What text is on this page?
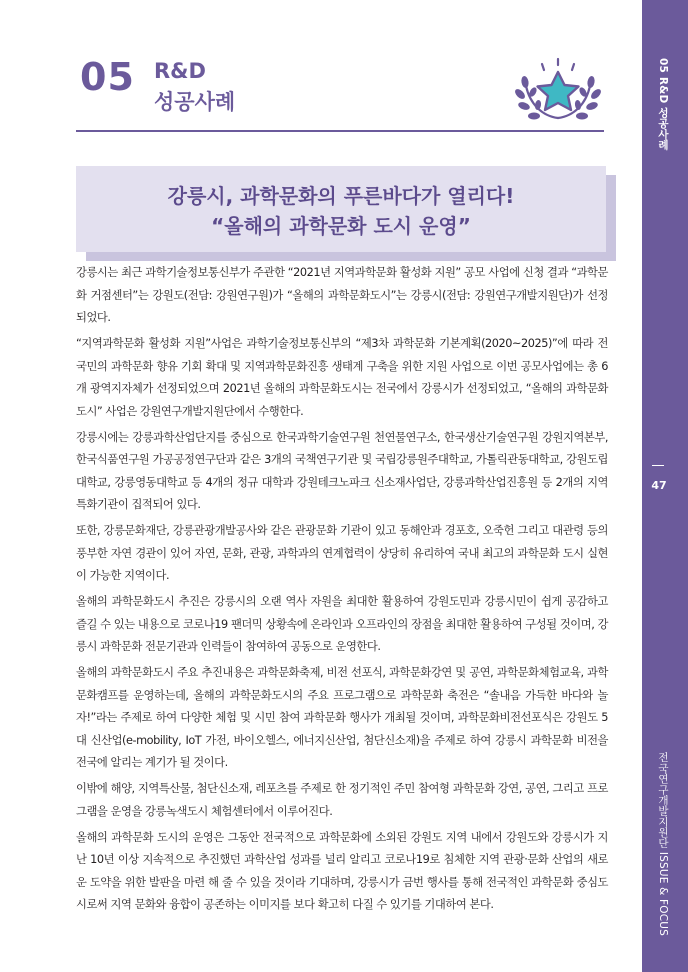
05 R&D 성공사례
47
전국연구개발지원단 ISSUE & FOCUS
05 R&D
성공사례
강릉시, 과학문화의 푸른바다가 열리다!
“올해의 과학문화 도시 운영”

강릉시는 최근 과학기술정보통신부가 주관한 “2021년 지역과학문화 활성화 지원” 공모 사업에 신청 결과 “과학문화 거점센터”는 강원도(전담: 강원연구원)가 “올해의 과학문화도시”는 강릉시(전담: 강원연구개발지원단)가 선정되었다.

“지역과학문화 활성화 지원”사업은 과학기술정보통신부의 “제3차 과학문화 기본계획(2020~2025)”에 따라 전국민의 과학문화 향유 기회 확대 및 지역과학문화진흥 생태계 구축을 위한 지원 사업으로 이번 공모사업에는 총 6개 광역지자체가 선정되었으며 2021년 올해의 과학문화도시는 전국에서 강릉시가 선정되었고, “올해의 과학문화도시” 사업은 강원연구개발지원단에서 수행한다.

강릉시에는 강릉과학산업단지를 중심으로 한국과학기술연구원 천연물연구소, 한국생산기술연구원 강원지역본부, 한국식품연구원 가공공정연구단과 같은 3개의 국책연구기관 및 국립강릉원주대학교, 가톨릭관동대학교, 강원도립대학교, 강릉영동대학교 등 4개의 정규 대학과 강원테크노파크 신소재사업단, 강릉과학산업진흥원 등 2개의 지역특화기관이 집적되어 있다.

또한, 강릉문화재단, 강릉관광개발공사와 같은 관광문화 기관이 있고 동해안과 경포호, 오죽헌 그리고 대관령 등의 풍부한 자연 경관이 있어 자연, 문화, 관광, 과학과의 연계협력이 상당히 유리하여 국내 최고의 과학문화 도시 실현이 가능한 지역이다.

올해의 과학문화도시 추진은 강릉시의 오랜 역사 자원을 최대한 활용하여 강원도민과 강릉시민이 쉽게 공감하고 즐길 수 있는 내용으로 코로나19 팬더믹 상황속에 온라인과 오프라인의 장점을 최대한 활용하여 구성될 것이며, 강릉시 과학문화 전문기관과 인력들이 참여하여 공동으로 운영한다.

올해의 과학문화도시 주요 추진내용은 과학문화축제, 비전 선포식, 과학문화강연 및 공연, 과학문화체험교육, 과학문화캠프를 운영하는데, 올해의 과학문화도시의 주요 프로그램으로 과학문화 축전은 “솔내음 가득한 바다와 놀자!”라는 주제로 하여 다양한 체험 및 시민 참여 과학문화 행사가 개최될 것이며, 과학문화비전선포식은 강원도 5대 신산업(e-mobility, IoT 가전, 바이오헬스, 에너지신산업, 첨단신소재)을 주제로 하여 강릉시 과학문화 비전을 전국에 알리는 계기가 될 것이다.

이밖에 해양, 지역특산물, 첨단신소재, 레포츠를 주제로 한 정기적인 주민 참여형 과학문화 강연, 공연, 그리고 프로그램을 운영을 강릉녹색도시 체험센터에서 이루어진다.

올해의 과학문화 도시의 운영은 그동안 전국적으로 과학문화에 소외된 강원도 지역 내에서 강원도와 강릉시가 지난 10년 이상 지속적으로 추진했던 과학산업 성과를 널리 알리고 코로나19로 침체한 지역 관광·문화 산업의 새로운 도약을 위한 발판을 마련 해 줄 수 있을 것이라 기대하며, 강릉시가 금번 행사를 통해 전국적인 과학문화 중심도시로써 지역 문화와 융합이 공존하는 이미지를 보다 확고히 다질 수 있기를 기대하여 본다.
